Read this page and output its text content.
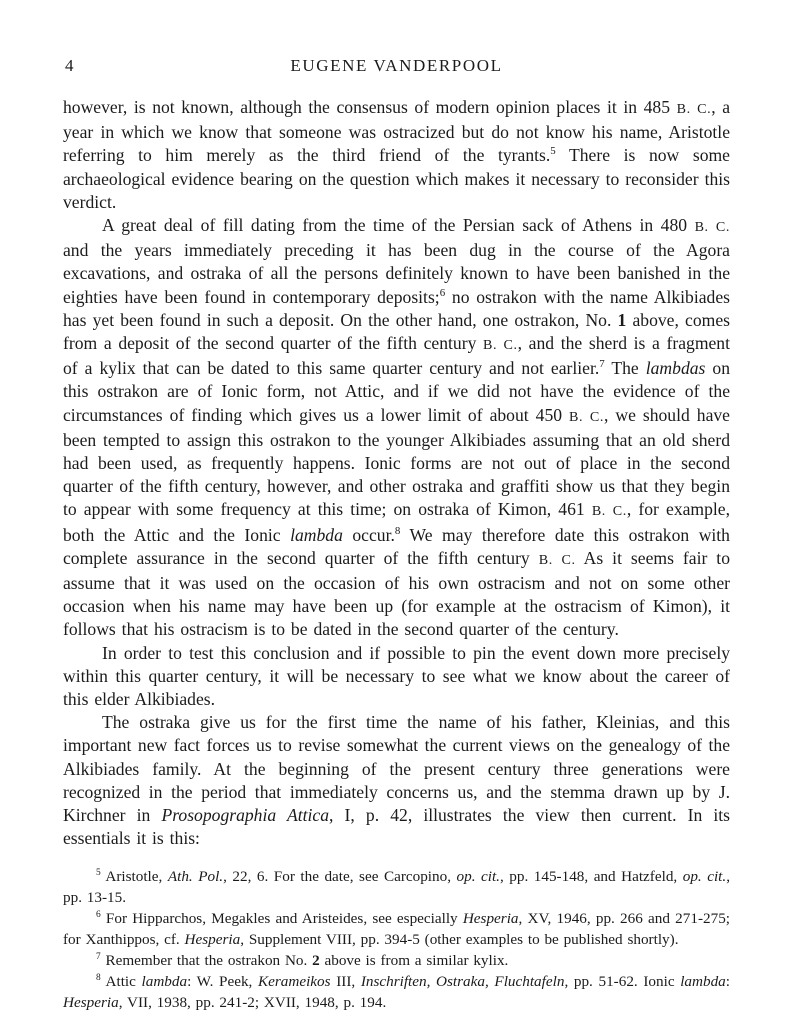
4	EUGENE VANDERPOOL

however, is not known, although the consensus of modern opinion places it in 485 B. C., a year in which we know that someone was ostracized but do not know his name, Aristotle referring to him merely as the third friend of the tyrants.$^5$ There is now some archaeological evidence bearing on the question which makes it necessary to reconsider this verdict.

A great deal of fill dating from the time of the Persian sack of Athens in 480 B. C. and the years immediately preceding it has been dug in the course of the Agora excavations, and ostraka of all the persons definitely known to have been banished in the eighties have been found in contemporary deposits;$^6$ no ostrakon with the name Alkibiades has yet been found in such a deposit. On the other hand, one ostrakon, No. 1 above, comes from a deposit of the second quarter of the fifth century B. C., and the sherd is a fragment of a kylix that can be dated to this same quarter century and not earlier.$^7$ The lambdas on this ostrakon are of Ionic form, not Attic, and if we did not have the evidence of the circumstances of finding which gives us a lower limit of about 450 B. C., we should have been tempted to assign this ostrakon to the younger Alkibiades assuming that an old sherd had been used, as frequently happens. Ionic forms are not out of place in the second quarter of the fifth century, however, and other ostraka and graffiti show us that they begin to appear with some frequency at this time; on ostraka of Kimon, 461 B. C., for example, both the Attic and the Ionic lambda occur.$^8$ We may therefore date this ostrakon with complete assurance in the second quarter of the fifth century B. C. As it seems fair to assume that it was used on the occasion of his own ostracism and not on some other occasion when his name may have been up (for example at the ostracism of Kimon), it follows that his ostracism is to be dated in the second quarter of the century.

In order to test this conclusion and if possible to pin the event down more precisely within this quarter century, it will be necessary to see what we know about the career of this elder Alkibiades.

The ostraka give us for the first time the name of his father, Kleinias, and this important new fact forces us to revise somewhat the current views on the genealogy of the Alkibiades family. At the beginning of the present century three generations were recognized in the period that immediately concerns us, and the stemma drawn up by J. Kirchner in Prosopographia Attica, I, p. 42, illustrates the view then current. In its essentials it is this:

$^5$ Aristotle, Ath. Pol., 22, 6. For the date, see Carcopino, op. cit., pp. 145-148, and Hatzfeld, op. cit., pp. 13-15.

$^6$ For Hipparchos, Megakles and Aristeides, see especially Hesperia, XV, 1946, pp. 266 and 271-275; for Xanthippos, cf. Hesperia, Supplement VIII, pp. 394-5 (other examples to be published shortly).

$^7$ Remember that the ostrakon No. 2 above is from a similar kylix.

$^8$ Attic lambda: W. Peek, Kerameikos III, Inschriften, Ostraka, Fluchtafeln, pp. 51-62. Ionic lambda: Hesperia, VII, 1938, pp. 241-2; XVII, 1948, p. 194.
